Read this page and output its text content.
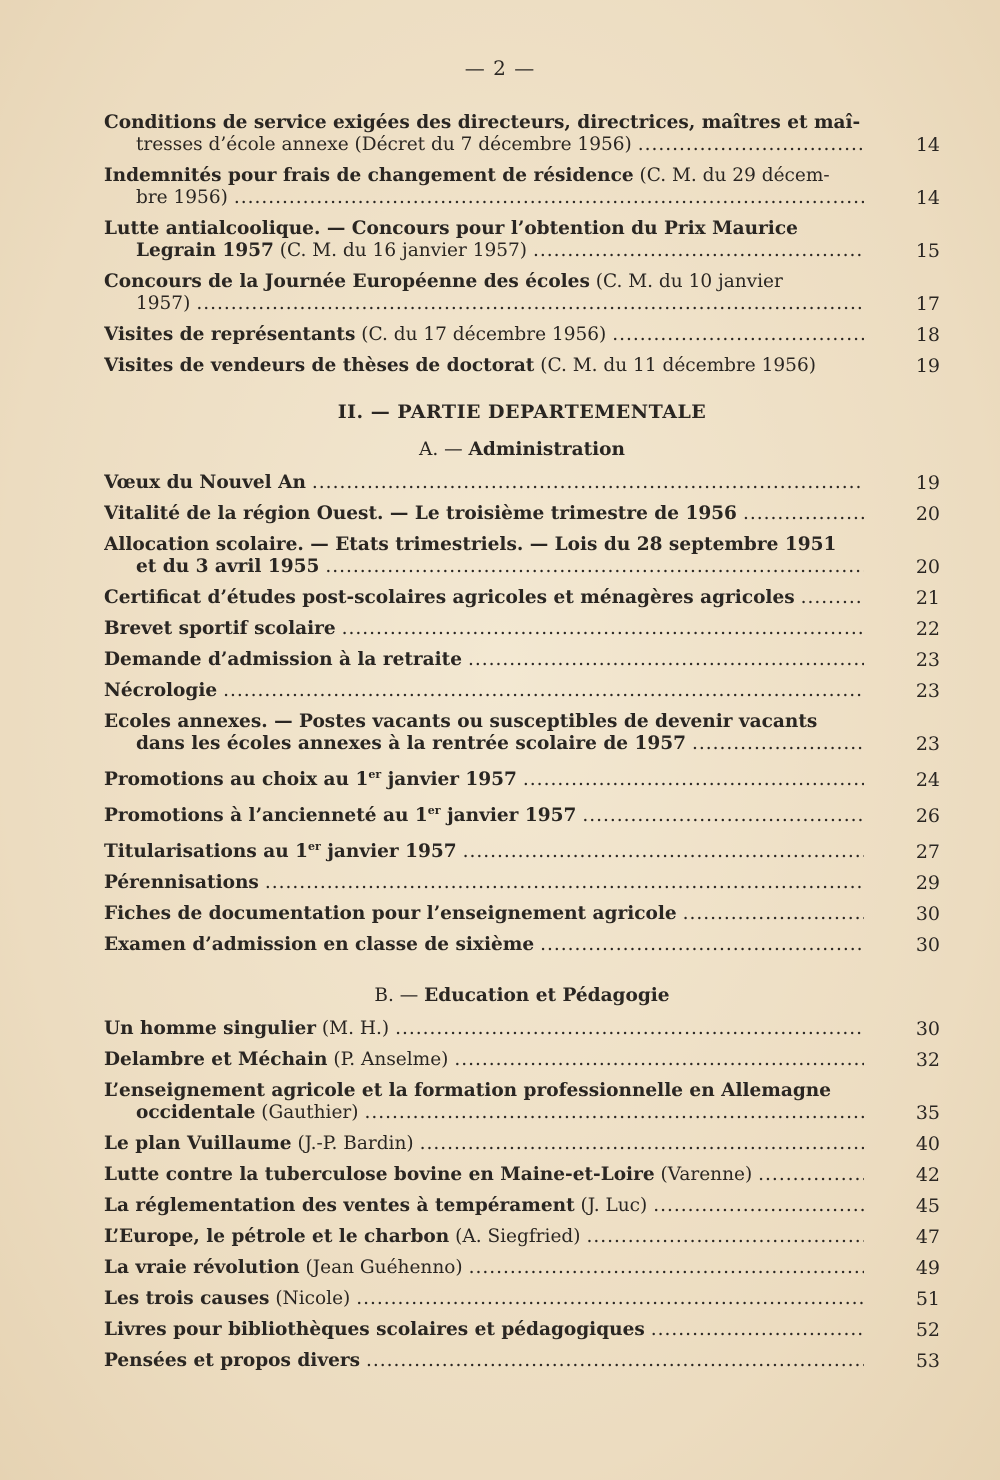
— 2 —
Conditions de service exigées des directeurs, directrices, maîtres et maî-
tresses d’école annexe (Décret du 7 décembre 1956) .....	14
Indemnités pour frais de changement de résidence (C. M. du 29 décem-
bre 1956) .....	14
Lutte antialcoolique. — Concours pour l’obtention du Prix Maurice
Legrain 1957 (C. M. du 16 janvier 1957) .....	15
Concours de la Journée Européenne des écoles (C. M. du 10 janvier
1957) .....	17
Visites de représentants (C. du 17 décembre 1956) .....	18
Visites de vendeurs de thèses de doctorat (C. M. du 11 décembre 1956)	19
II. — PARTIE DEPARTEMENTALE
A. — Administration
Vœux du Nouvel An .....	19
Vitalité de la région Ouest. — Le troisième trimestre de 1956 .....	20
Allocation scolaire. — Etats trimestriels. — Lois du 28 septembre 1951
et du 3 avril 1955 .....	20
Certificat d’études post-scolaires agricoles et ménagères agricoles .....	21
Brevet sportif scolaire .....	22
Demande d’admission à la retraite .....	23
Nécrologie .....	23
Ecoles annexes. — Postes vacants ou susceptibles de devenir vacants
dans les écoles annexes à la rentrée scolaire de 1957 .....	23
Promotions au choix au 1er janvier 1957 .....	24
Promotions à l’ancienneté au 1er janvier 1957 .....	26
Titularisations au 1er janvier 1957 .....	27
Pérennisations .....	29
Fiches de documentation pour l’enseignement agricole .....	30
Examen d’admission en classe de sixième .....	30
B. — Education et Pédagogie
Un homme singulier (M. H.) .....	30
Delambre et Méchain (P. Anselme) .....	32
L’enseignement agricole et la formation professionnelle en Allemagne
occidentale (Gauthier) .....	35
Le plan Vuillaume (J.-P. Bardin) .....	40
Lutte contre la tuberculose bovine en Maine-et-Loire (Varenne) .....	42
La réglementation des ventes à tempérament (J. Luc) .....	45
L’Europe, le pétrole et le charbon (A. Siegfried) .....	47
La vraie révolution (Jean Guéhenno) .....	49
Les trois causes (Nicole) .....	51
Livres pour bibliothèques scolaires et pédagogiques .....	52
Pensées et propos divers .....	53
